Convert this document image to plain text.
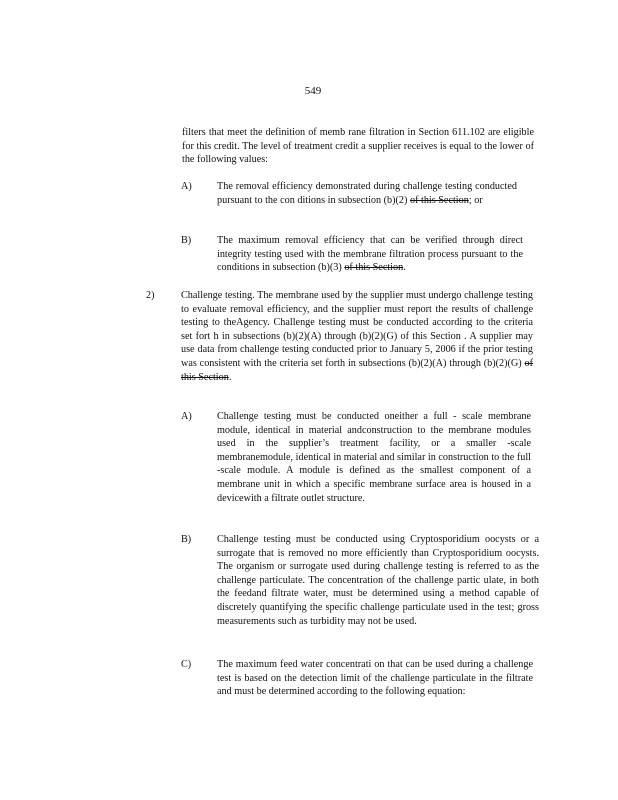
549

filters that meet the definition of memb rane filtration in Section 611.102 are eligible for this credit. The level of treatment credit a supplier receives is equal to the lower of the following values:

A) The removal efficiency demonstrated during challenge testing conducted pursuant to the con ditions in subsection (b)(2) of this Section; or

B)	The maximum removal efficiency that can be verified through direct integrity testing used with the membrane filtration process pursuant to the conditions in subsection (b)(3) of this Section.

2)	Challenge testing. The membrane used by the supplier must undergo challenge testing to evaluate removal efficiency, and the supplier must report the results of challenge testing to theAgency. Challenge testing must be conducted according to the criteria set fort h in subsections (b)(2)(A) through (b)(2)(G) of this Section . A supplier may use data from challenge testing conducted prior to January 5, 2006 if the prior testing was consistent with the criteria set forth in subsections (b)(2)(A) through (b)(2)(G) of this Section.

A) Challenge testing must be conducted oneither a full - scale membrane module, identical in material andconstruction to the membrane modules used in the supplier’s treatment facility, or a smaller -scale membranemodule, identical in material and similar in construction to the full -scale module. A module is defined as the smallest component of a membrane unit in which a specific membrane surface area is housed in a devicewith a filtrate outlet structure.

B)	Challenge testing must be conducted using Cryptosporidium oocysts or a surrogate that is removed no more efficiently than Cryptosporidium oocysts. The organism or surrogate used during challenge testing is referred to as the challenge particulate. The concentration of the challenge partic ulate, in both the feedand filtrate water, must be determined using a method capable of discretely quantifying the specific challenge particulate used in the test; gross measurements such as turbidity may not be used.

C)	The maximum feed water concentrati on that can be used during a challenge test is based on the detection limit of the challenge particulate in the filtrate and must be determined according to the following equation:
